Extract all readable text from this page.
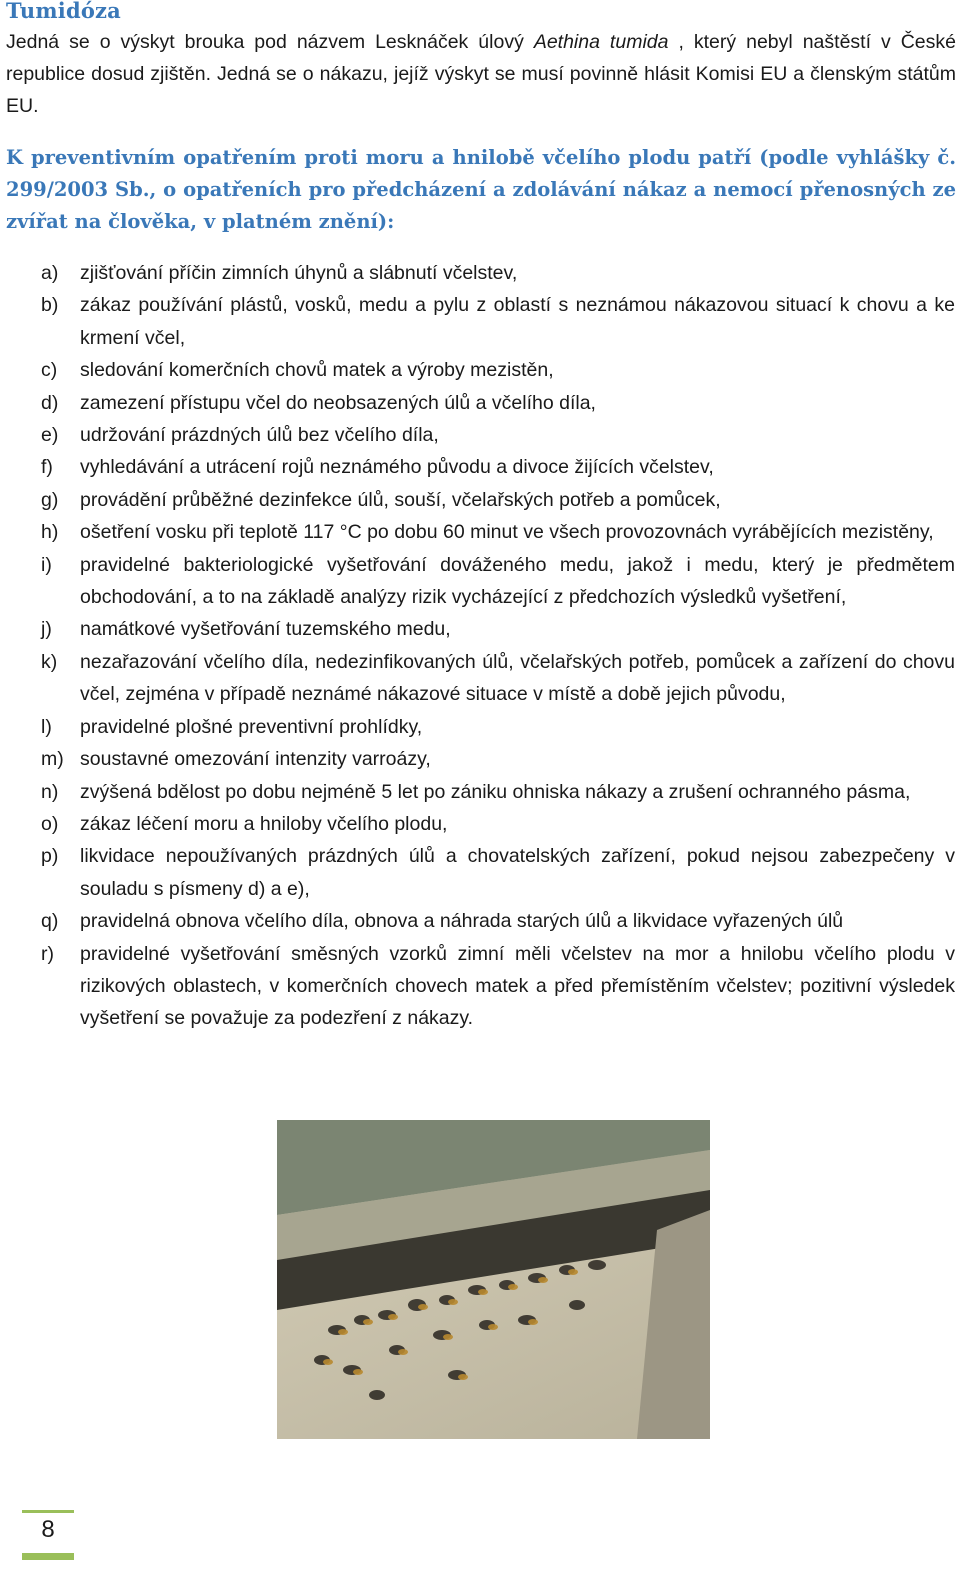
Tumidóza
Jedná se o výskyt brouka pod názvem Lesknáček úlový Aethina tumida , který nebyl naštěstí v České republice dosud zjištěn. Jedná se o nákazu, jejíž výskyt se musí povinně hlásit Komisi EU a členským státům EU.
K preventivním opatřením proti moru a hnilobě včelího plodu patří (podle vyhlášky č. 299/2003 Sb., o opatřeních pro předcházení a zdolávání nákaz a nemocí přenosných ze zvířat na člověka, v platném znění):
a)	zjišťování příčin zimních úhynů a slábnutí včelstev,
b)	zákaz používání plástů, vosků, medu a pylu z oblastí s neznámou nákazovou situací k chovu a ke krmení včel,
c)	sledování komerčních chovů matek a výroby mezistěn,
d)	zamezení přístupu včel do neobsazených úlů a včelího díla,
e)	udržování prázdných úlů bez včelího díla,
f)	vyhledávání a utrácení rojů neznámého původu a divoce žijících včelstev,
g)	provádění průběžné dezinfekce úlů, souší, včelařských potřeb a pomůcek,
h)	ošetření vosku při teplotě 117 °C po dobu 60 minut ve všech provozovnách vyrábějících mezistěny,
i)	pravidelné bakteriologické vyšetřování dováženého medu, jakož i medu, který je předmětem obchodování, a to na základě analýzy rizik vycházející z předchozích výsledků vyšetření,
j)	namátkové vyšetřování tuzemského medu,
k)	nezařazování včelího díla, nedezinfikovaných úlů, včelařských potřeb, pomůcek a zařízení do chovu včel, zejména v případě neznámé nákazové situace v místě a době jejich původu,
l)	pravidelné plošné preventivní prohlídky,
m) soustavné omezování intenzity varroázy,
n)	zvýšená bdělost po dobu nejméně 5 let po zániku ohniska nákazy a zrušení ochranného pásma,
o)	zákaz léčení moru a hniloby včelího plodu,
p)	likvidace nepoužívaných prázdných úlů a chovatelských zařízení, pokud nejsou zabezpečeny v souladu s písmeny d) a e),
q)	pravidelná obnova včelího díla, obnova a náhrada starých úlů a likvidace vyřazených úlů
r)	pravidelné vyšetřování směsných vzorků zimní měli včelstev na mor a hnilobu včelího plodu v rizikových oblastech, v komerčních chovech matek a před přemístěním včelstev; pozitivní výsledek vyšetření se považuje za podezření z nákazy.
8
